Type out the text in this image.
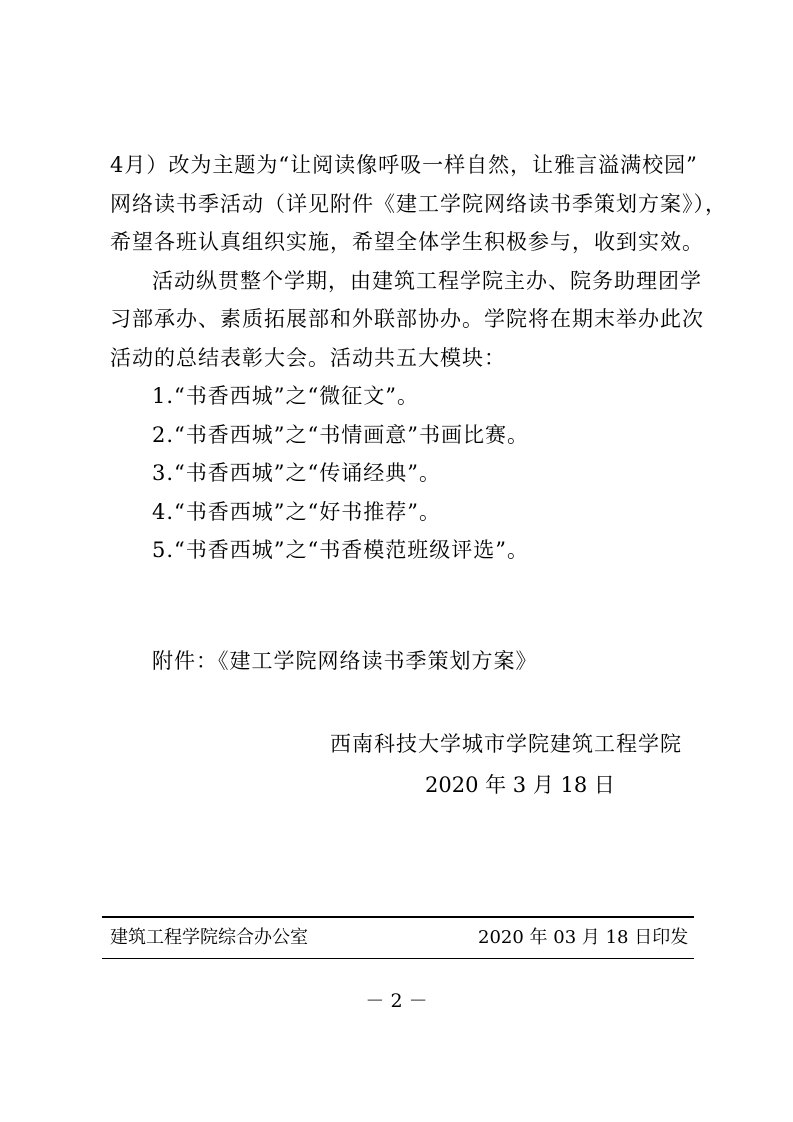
4月）改为主题为“让阅读像呼吸一样自然，让雅言溢满校园”
网络读书季活动（详见附件《建工学院网络读书季策划方案》），
希望各班认真组织实施，希望全体学生积极参与，收到实效。
活动纵贯整个学期，由建筑工程学院主办、院务助理团学
习部承办、素质拓展部和外联部协办。学院将在期末举办此次
活动的总结表彰大会。活动共五大模块：
1.“书香西城”之“微征文”。
2.“书香西城”之“书情画意”书画比赛。
3.“书香西城”之“传诵经典”。
4.“书香西城”之“好书推荐”。
5.“书香西城”之“书香模范班级评选”。
附件：《建工学院网络读书季策划方案》
西南科技大学城市学院建筑工程学院
2020 年 3 月 18 日
建筑工程学院综合办公室	2020 年 03 月 18 日印发
－ 2 －
